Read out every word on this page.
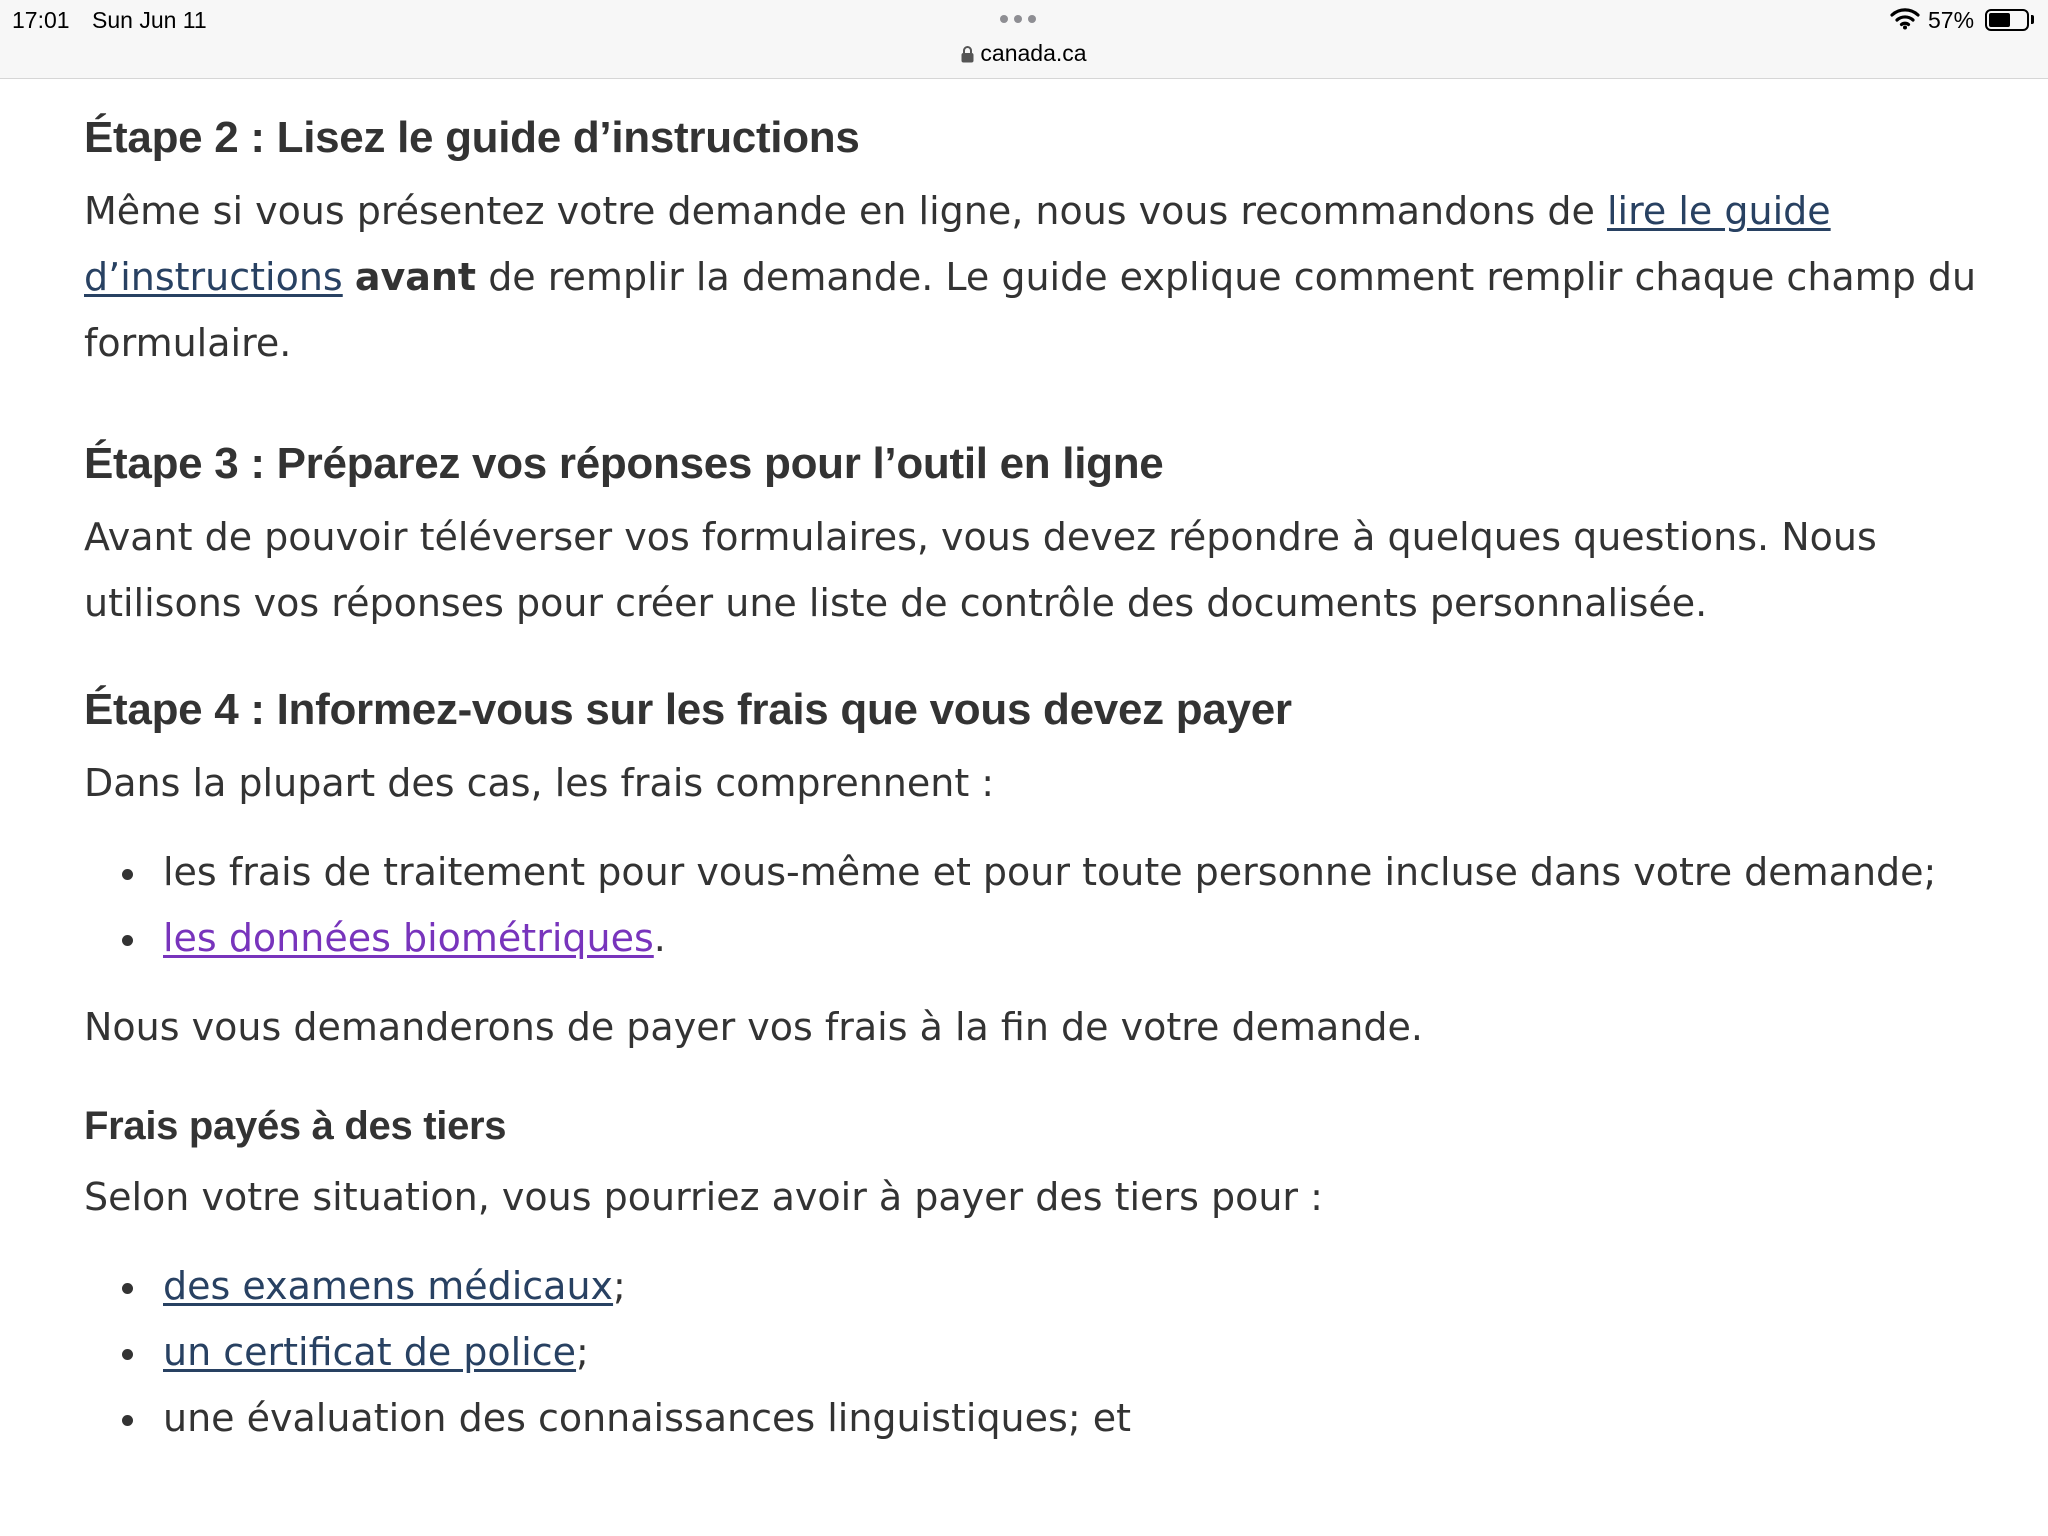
17:01 Sun Jun 11
canada.ca
57%
Étape 2 : Lisez le guide d’instructions

Même si vous présentez votre demande en ligne, nous vous recommandons de lire le guide d’instructions avant de remplir la demande. Le guide explique comment remplir chaque champ du formulaire.

Étape 3 : Préparez vos réponses pour l’outil en ligne

Avant de pouvoir téléverser vos formulaires, vous devez répondre à quelques questions. Nous utilisons vos réponses pour créer une liste de contrôle des documents personnalisée.

Étape 4 : Informez-vous sur les frais que vous devez payer

Dans la plupart des cas, les frais comprennent :

les frais de traitement pour vous-même et pour toute personne incluse dans votre demande;
les données biométriques.

Nous vous demanderons de payer vos frais à la fin de votre demande.

Frais payés à des tiers

Selon votre situation, vous pourriez avoir à payer des tiers pour :

des examens médicaux;
un certificat de police;
une évaluation des connaissances linguistiques; et
